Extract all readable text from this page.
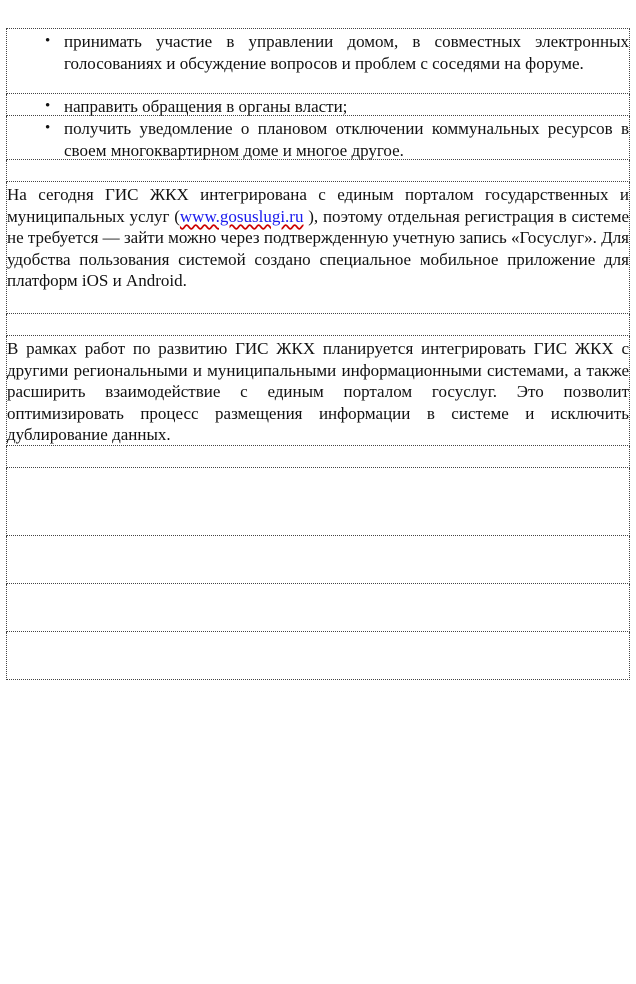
• принимать участие в управлении домом, в совместных электронных голосованиях и обсуждение вопросов и проблем с соседями на форуме.

• направить обращения в органы власти;

• получить уведомление о плановом отключении коммунальных ресурсов в своем многоквартирном доме и многое другое.

На сегодня ГИС ЖКХ интегрирована с единым порталом государственных и муниципальных услуг (www.gosuslugi.ru ), поэтому отдельная регистрация в системе не требуется — зайти можно через подтвержденную учетную запись «Госуслуг». Для удобства пользования системой создано специальное мобильное приложение для платформ iOS и Android.

В рамках работ по развитию ГИС ЖКХ планируется интегрировать ГИС ЖКХ с другими региональными и муниципальными информационными системами, а также расширить взаимодействие с единым порталом госуслуг. Это позволит оптимизировать процесс размещения информации в системе и исключить дублирование данных.
